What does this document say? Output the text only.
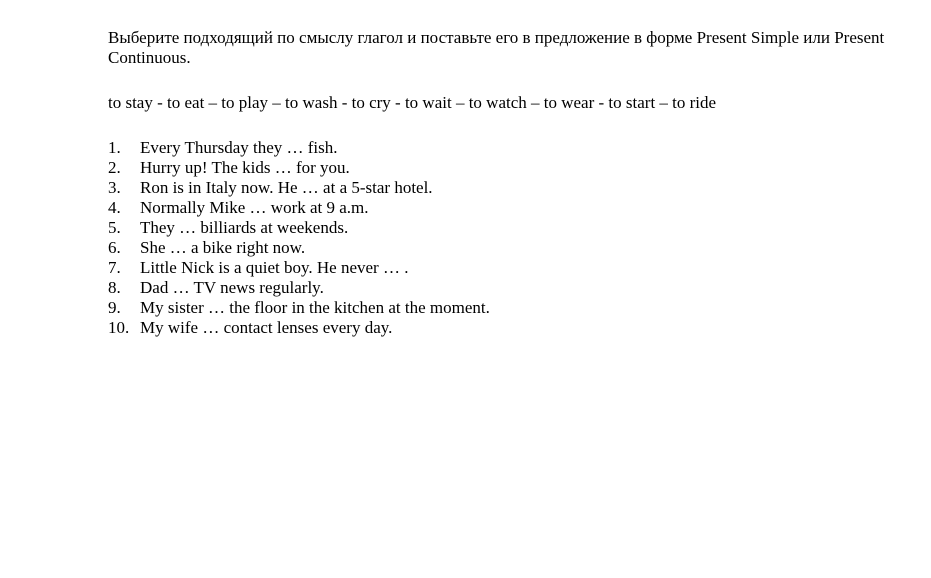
Выберите подходящий по смыслу глагол и поставьте его в предложение в форме Present Simple или Present Continuous.

to stay - to eat – to play – to wash - to cry - to wait – to watch – to wear - to start – to ride

1. Every Thursday they … fish.
2. Hurry up! The kids … for you.
3. Ron is in Italy now. He … at a 5-star hotel.
4. Normally Mike … work at 9 a.m.
5. They … billiards at weekends.
6. She … a bike right now.
7. Little Nick is a quiet boy. He never … .
8. Dad … TV news regularly.
9. My sister … the floor in the kitchen at the moment.
10. My wife … contact lenses every day.
